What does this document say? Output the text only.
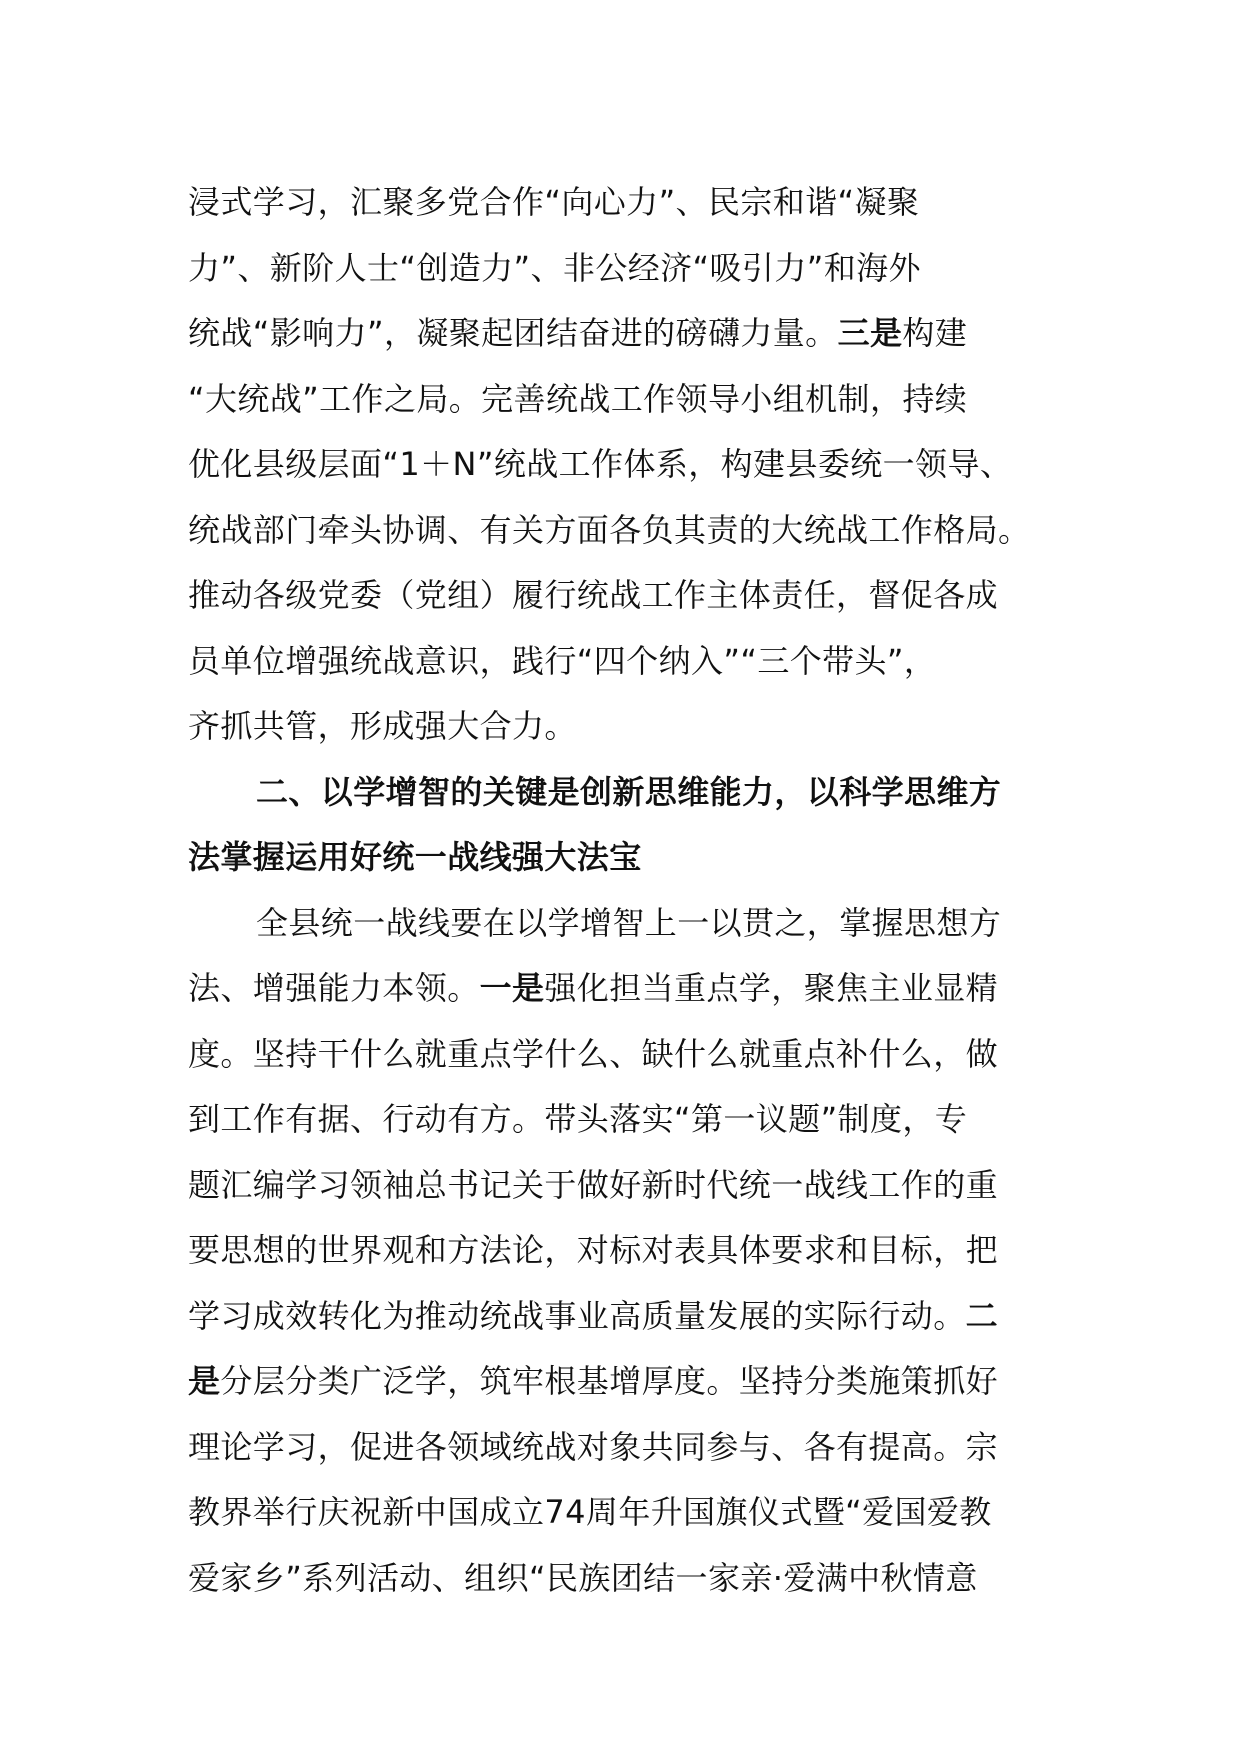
浸式学习，汇聚多党合作“向心力”、民宗和谐“凝聚
力”、新阶人士“创造力”、非公经济“吸引力”和海外
统战“影响力”，凝聚起团结奋进的磅礴力量。三是构建
“大统战”工作之局。完善统战工作领导小组机制，持续
优化县级层面“1＋N”统战工作体系，构建县委统一领导、
统战部门牵头协调、有关方面各负其责的大统战工作格局。
推动各级党委（党组）履行统战工作主体责任，督促各成
员单位增强统战意识，践行“四个纳入”“三个带头”，
齐抓共管，形成强大合力。
二、以学增智的关键是创新思维能力，以科学思维方
法掌握运用好统一战线强大法宝
全县统一战线要在以学增智上一以贯之，掌握思想方
法、增强能力本领。一是强化担当重点学，聚焦主业显精
度。坚持干什么就重点学什么、缺什么就重点补什么，做
到工作有据、行动有方。带头落实“第一议题”制度，专
题汇编学习领袖总书记关于做好新时代统一战线工作的重
要思想的世界观和方法论，对标对表具体要求和目标，把
学习成效转化为推动统战事业高质量发展的实际行动。二
是分层分类广泛学，筑牢根基增厚度。坚持分类施策抓好
理论学习，促进各领域统战对象共同参与、各有提高。宗
教界举行庆祝新中国成立74周年升国旗仪式暨“爱国爱教
爱家乡”系列活动、组织“民族团结一家亲·爱满中秋情意
